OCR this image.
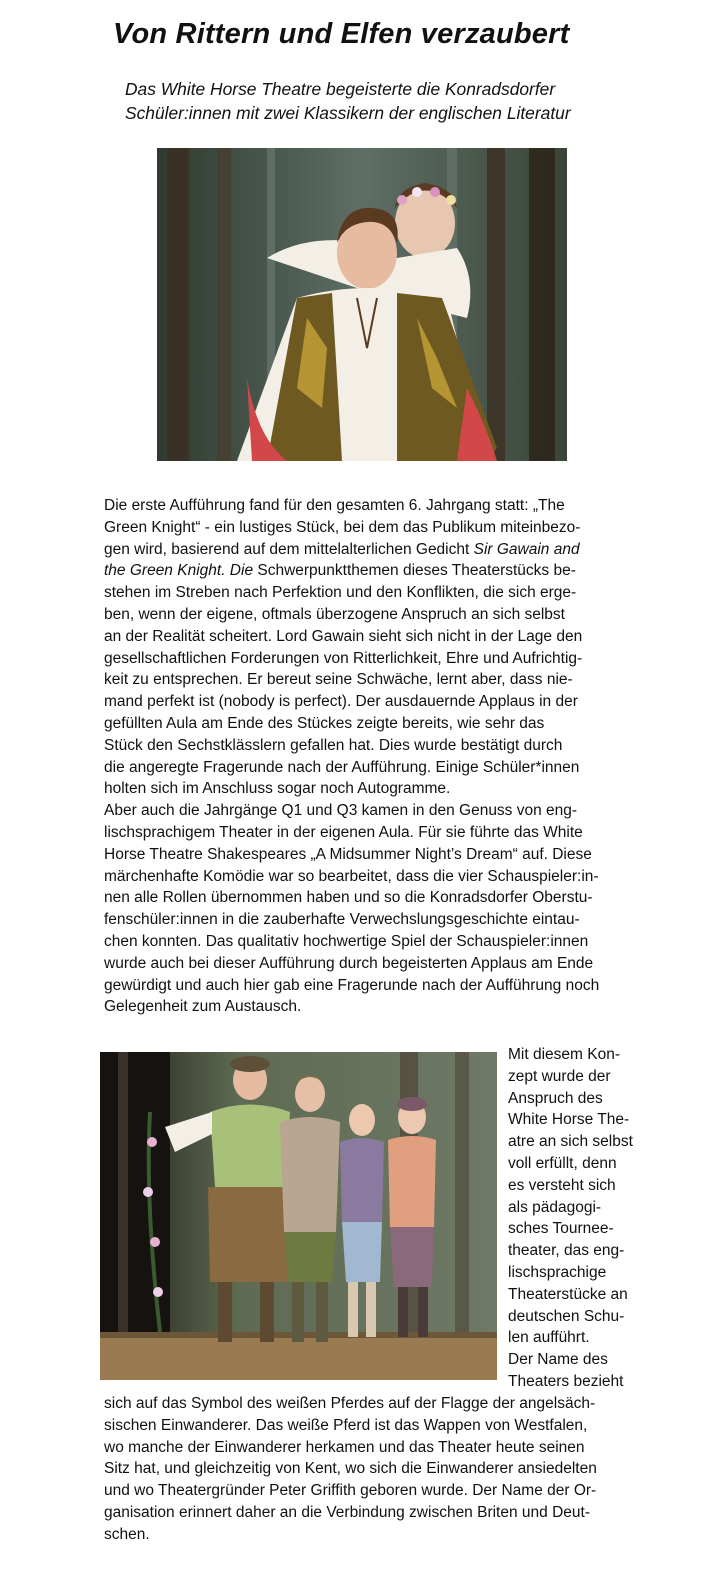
Von Rittern und Elfen verzaubert
Das White Horse Theatre begeisterte die Konradsdorfer
Schüler:innen mit zwei Klassikern der englischen Literatur
Die erste Aufführung fand für den gesamten 6. Jahrgang statt: „The
Green Knight“ - ein lustiges Stück, bei dem das Publikum miteinbezo-
gen wird, basierend auf dem mittelalterlichen Gedicht Sir Gawain and
the Green Knight. Die Schwerpunktthemen dieses Theaterstücks be-
stehen im Streben nach Perfektion und den Konflikten, die sich erge-
ben, wenn der eigene, oftmals überzogene Anspruch an sich selbst
an der Realität scheitert. Lord Gawain sieht sich nicht in der Lage den
gesellschaftlichen Forderungen von Ritterlichkeit, Ehre und Aufrichtig-
keit zu entsprechen. Er bereut seine Schwäche, lernt aber, dass nie-
mand perfekt ist (nobody is perfect). Der ausdauernde Applaus in der
gefüllten Aula am Ende des Stückes zeigte bereits, wie sehr das
Stück den Sechstklässlern gefallen hat. Dies wurde bestätigt durch
die angeregte Fragerunde nach der Aufführung. Einige Schüler*innen
holten sich im Anschluss sogar noch Autogramme.
Aber auch die Jahrgänge Q1 und Q3 kamen in den Genuss von eng-
lischsprachigem Theater in der eigenen Aula. Für sie führte das White
Horse Theatre Shakespeares „A Midsummer Night’s Dream“ auf. Diese
märchenhafte Komödie war so bearbeitet, dass die vier Schauspieler:in-
nen alle Rollen übernommen haben und so die Konradsdorfer Oberstu-
fenschüler:innen in die zauberhafte Verwechslungsgeschichte eintau-
chen konnten. Das qualitativ hochwertige Spiel der Schauspieler:innen
wurde auch bei dieser Aufführung durch begeisterten Applaus am Ende
gewürdigt und auch hier gab eine Fragerunde nach der Aufführung noch
Gelegenheit zum Austausch.
Mit diesem Kon-
zept wurde der
Anspruch des
White Horse The-
atre an sich selbst
voll erfüllt, denn
es versteht sich
als pädagogi-
sches Tournee-
theater, das eng-
lischsprachige
Theaterstücke an
deutschen Schu-
len aufführt.
Der Name des
Theaters bezieht
sich auf das Symbol des weißen Pferdes auf der Flagge der angelsäch-
sischen Einwanderer. Das weiße Pferd ist das Wappen von Westfalen,
wo manche der Einwanderer herkamen und das Theater heute seinen
Sitz hat, und gleichzeitig von Kent, wo sich die Einwanderer ansiedelten
und wo Theatergründer Peter Griffith geboren wurde. Der Name der Or-
ganisation erinnert daher an die Verbindung zwischen Briten und Deut-
schen.
